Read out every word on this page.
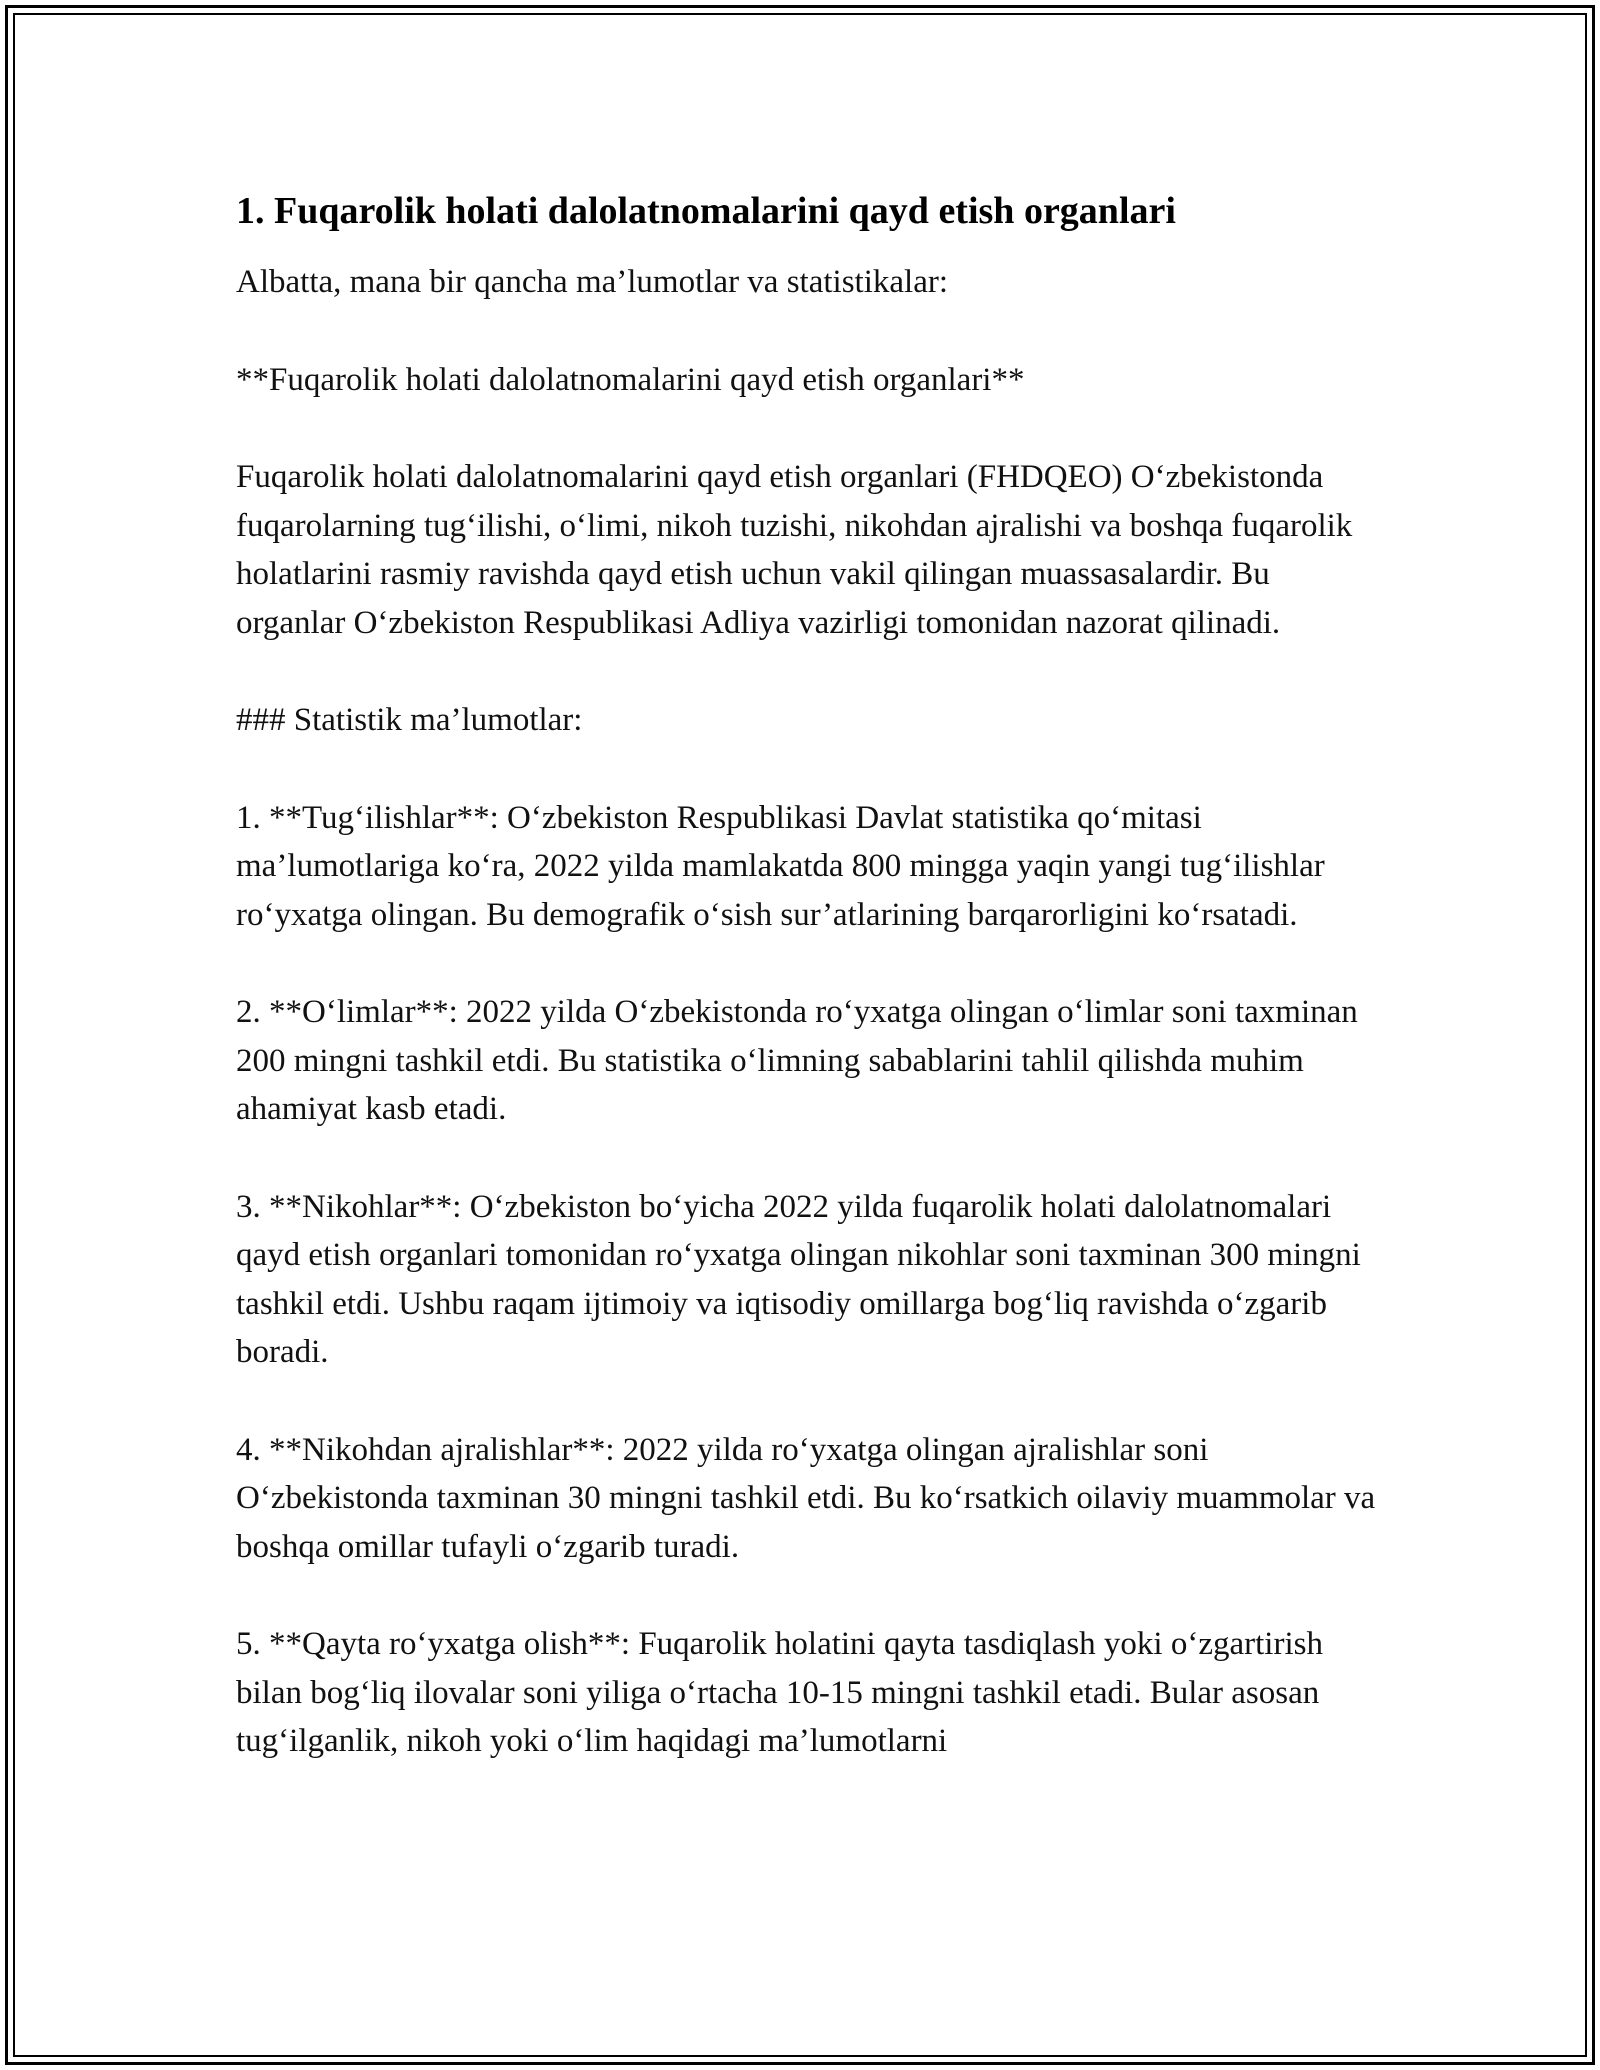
1. Fuqarolik holati dalolatnomalarini qayd etish organlari

Albatta, mana bir qancha ma’lumotlar va statistikalar:

**Fuqarolik holati dalolatnomalarini qayd etish organlari**

Fuqarolik holati dalolatnomalarini qayd etish organlari (FHDQEO) O‘zbekistonda fuqarolarning tug‘ilishi, o‘limi, nikoh tuzishi, nikohdan ajralishi va boshqa fuqarolik holatlarini rasmiy ravishda qayd etish uchun vakil qilingan muassasalardir. Bu organlar O‘zbekiston Respublikasi Adliya vazirligi tomonidan nazorat qilinadi.

### Statistik ma’lumotlar:

1. **Tug‘ilishlar**: O‘zbekiston Respublikasi Davlat statistika qo‘mitasi ma’lumotlariga ko‘ra, 2022 yilda mamlakatda 800 mingga yaqin yangi tug‘ilishlar ro‘yxatga olingan. Bu demografik o‘sish sur’atlarining barqarorligini ko‘rsatadi.

2. **O‘limlar**: 2022 yilda O‘zbekistonda ro‘yxatga olingan o‘limlar soni taxminan 200 mingni tashkil etdi. Bu statistika o‘limning sabablarini tahlil qilishda muhim ahamiyat kasb etadi.

3. **Nikohlar**: O‘zbekiston bo‘yicha 2022 yilda fuqarolik holati dalolatnomalari qayd etish organlari tomonidan ro‘yxatga olingan nikohlar soni taxminan 300 mingni tashkil etdi. Ushbu raqam ijtimoiy va iqtisodiy omillarga bog‘liq ravishda o‘zgarib boradi.

4. **Nikohdan ajralishlar**: 2022 yilda ro‘yxatga olingan ajralishlar soni O‘zbekistonda taxminan 30 mingni tashkil etdi. Bu ko‘rsatkich oilaviy muammolar va boshqa omillar tufayli o‘zgarib turadi.

5. **Qayta ro‘yxatga olish**: Fuqarolik holatini qayta tasdiqlash yoki o‘zgartirish bilan bog‘liq ilovalar soni yiligа o‘rtacha 10-15 mingni tashkil etadi. Bular asosan tug‘ilganlik, nikoh yoki o‘lim haqidagi ma’lumotlarni
